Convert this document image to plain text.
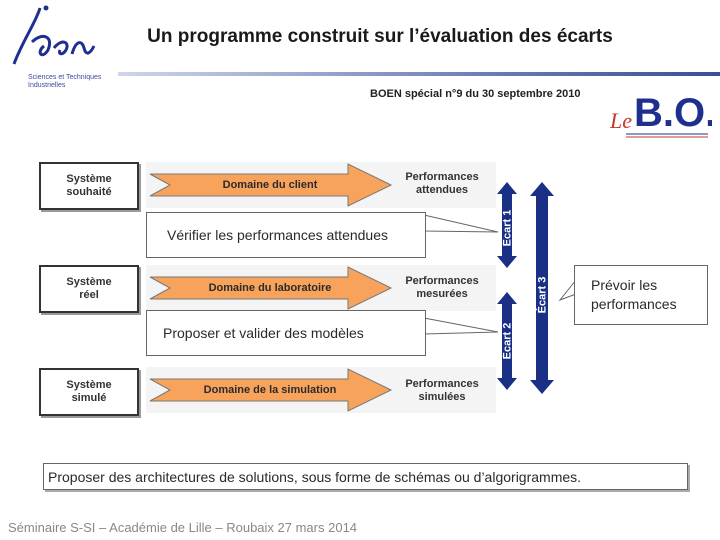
Sciences et Techniques
Industrielles
Un programme construit sur l’évaluation des écarts
BOEN spécial n°9 du 30 septembre 2010
Le B.O.
Système souhaité
Système réel
Système simulé
Domaine du client
Domaine du laboratoire
Domaine de la simulation
Performances attendues
Performances mesurées
Performances simulées
Écart 1
Écart 2
Écart 3
Vérifier les performances attendues
Proposer et valider des modèles
Prévoir les performances
Proposer des architectures de solutions, sous forme de schémas ou d’algorigrammes.
Séminaire S-SI – Académie de Lille – Roubaix 27 mars 2014
